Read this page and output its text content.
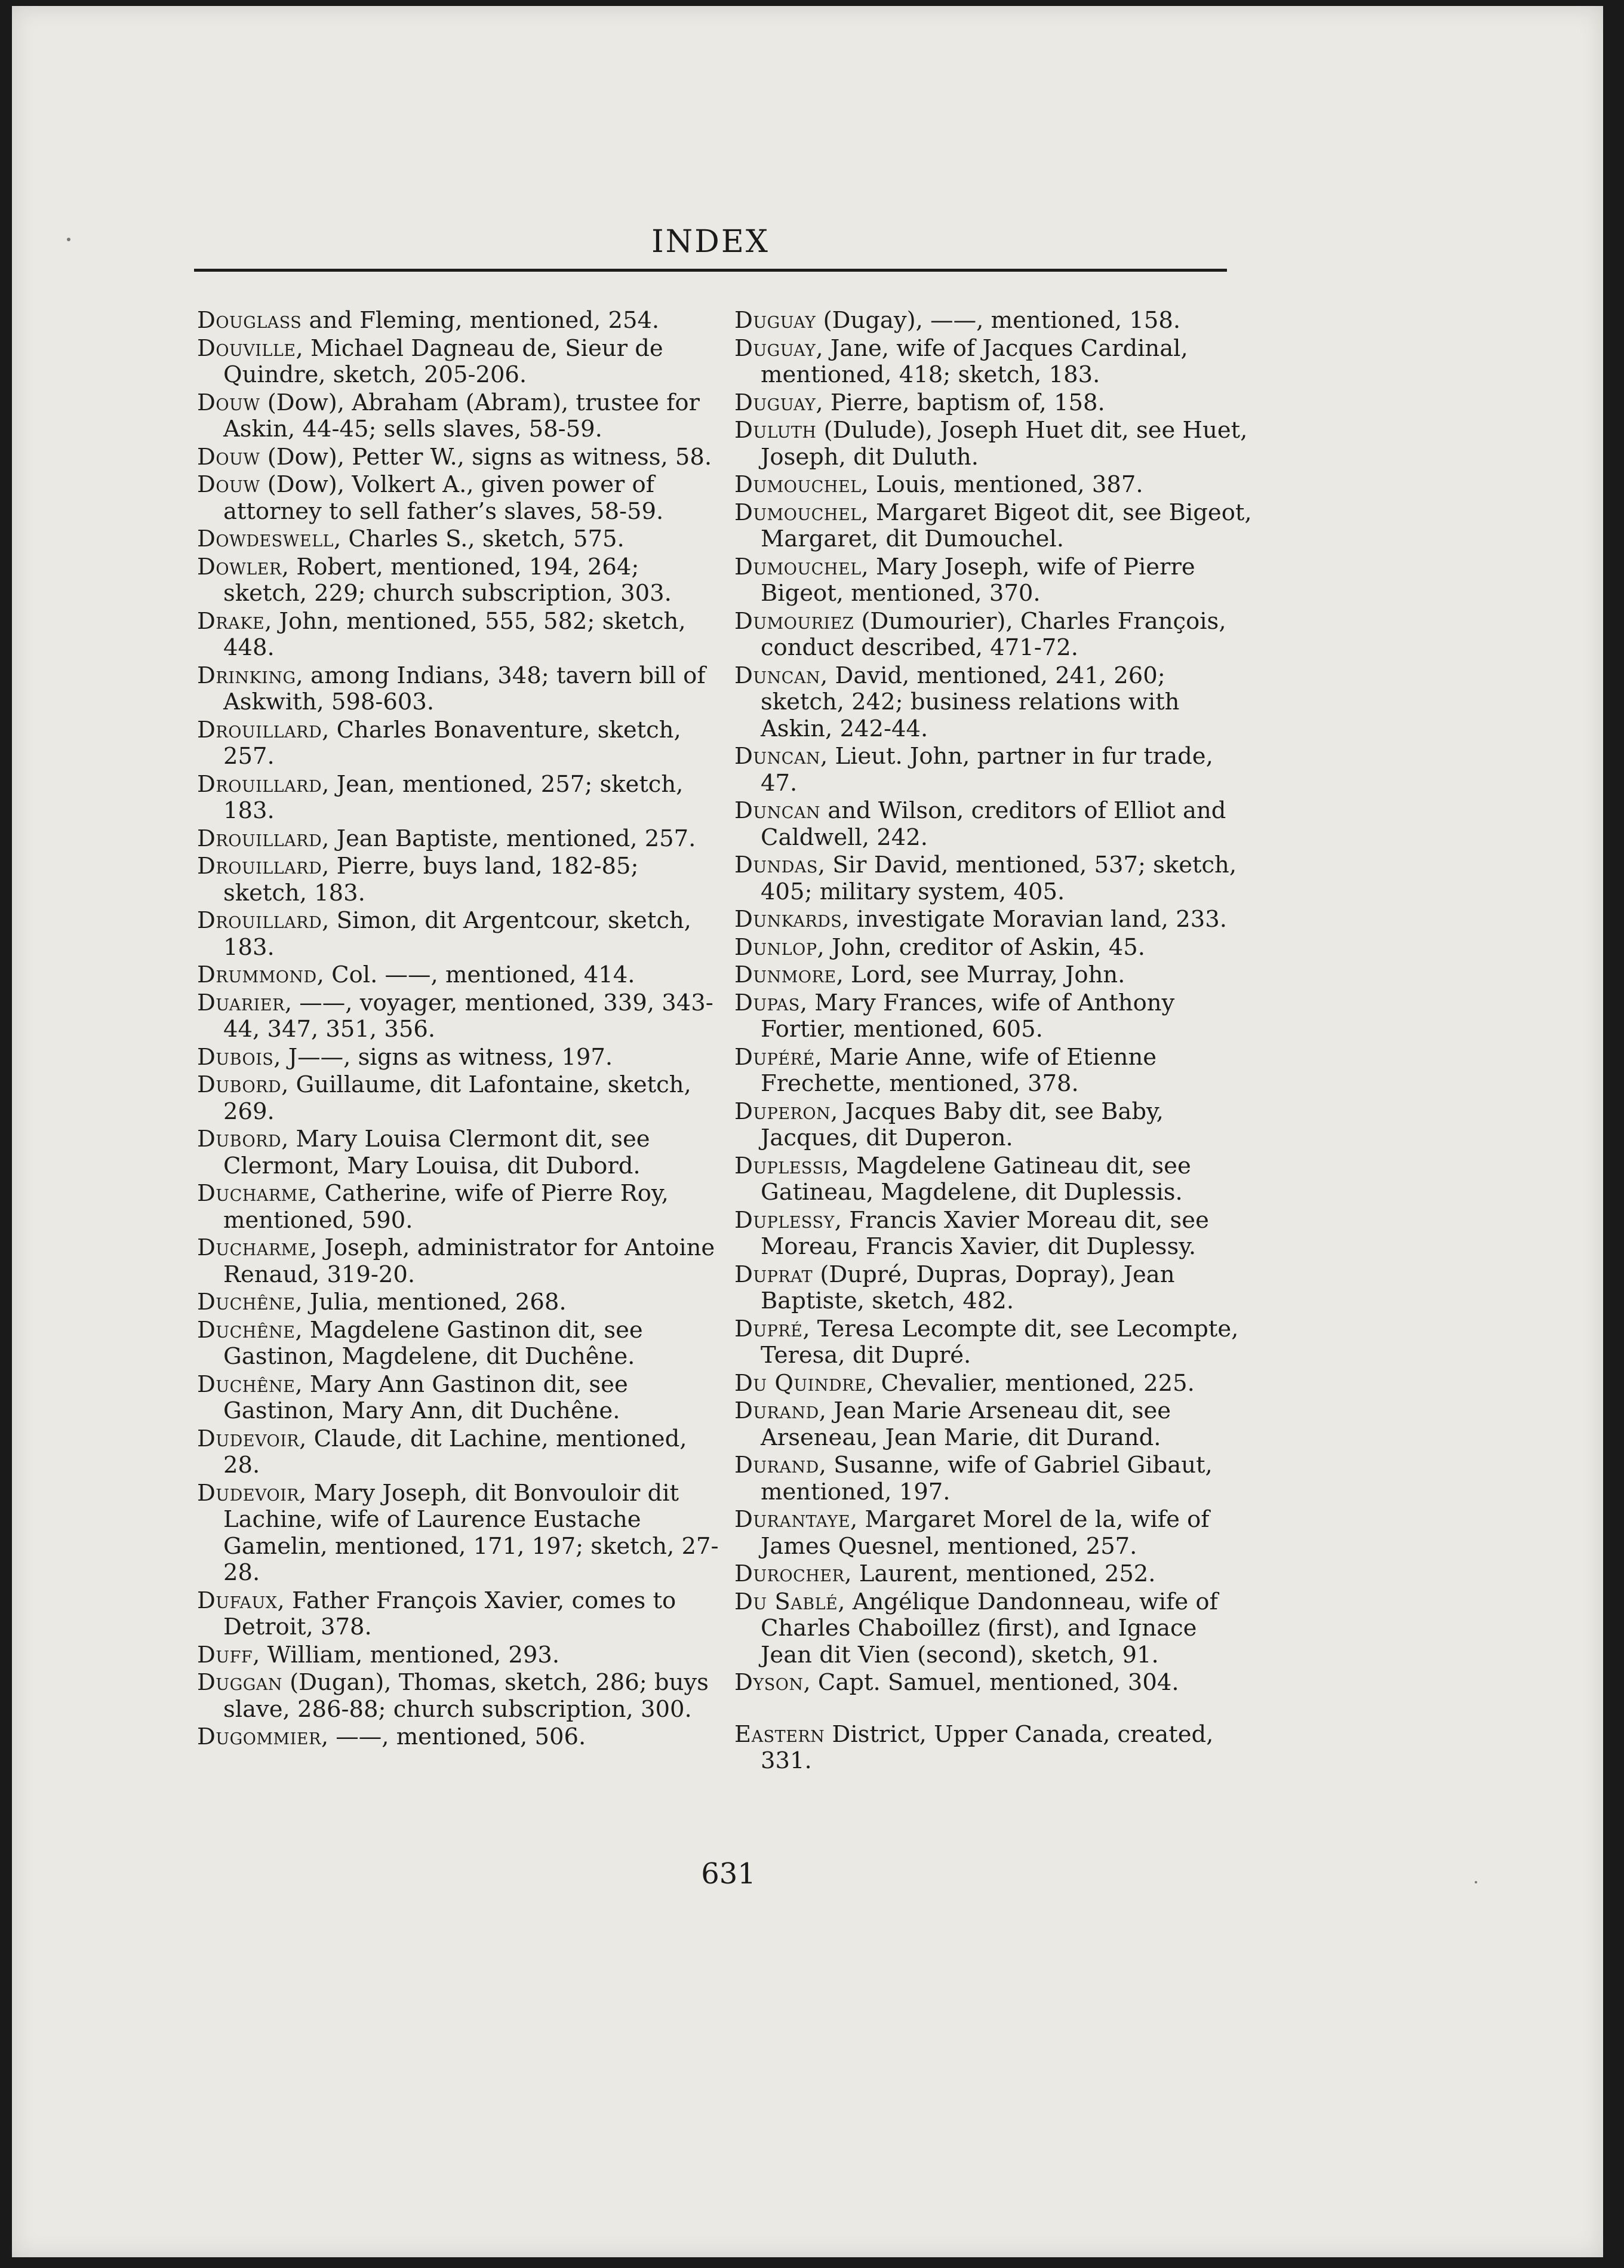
INDEX

Douglass and Fleming, mentioned, 254.

Douville, Michael Dagneau de, Sieur de Quindre, sketch, 205-206.

Douw (Dow), Abraham (Abram), trustee for Askin, 44-45; sells slaves, 58-59.

Douw (Dow), Petter W., signs as witness, 58.

Douw (Dow), Volkert A., given power of attorney to sell father’s slaves, 58-59.

Dowdeswell, Charles S., sketch, 575.

Dowler, Robert, mentioned, 194, 264; sketch, 229; church subscription, 303.

Drake, John, mentioned, 555, 582; sketch, 448.

Drinking, among Indians, 348; tavern bill of Askwith, 598-603.

Drouillard, Charles Bonaventure, sketch, 257.

Drouillard, Jean, mentioned, 257; sketch, 183.

Drouillard, Jean Baptiste, mentioned, 257.

Drouillard, Pierre, buys land, 182-85; sketch, 183.

Drouillard, Simon, dit Argentcour, sketch, 183.

Drummond, Col. ——, mentioned, 414.

Duarier, ——, voyager, mentioned, 339, 343-44, 347, 351, 356.

Dubois, J——, signs as witness, 197.

Dubord, Guillaume, dit Lafontaine, sketch, 269.

Dubord, Mary Louisa Clermont dit, see Clermont, Mary Louisa, dit Dubord.

Ducharme, Catherine, wife of Pierre Roy, mentioned, 590.

Ducharme, Joseph, administrator for Antoine Renaud, 319-20.

Duchêne, Julia, mentioned, 268.

Duchêne, Magdelene Gastinon dit, see Gastinon, Magdelene, dit Duchêne.

Duchêne, Mary Ann Gastinon dit, see Gastinon, Mary Ann, dit Duchêne.

Dudevoir, Claude, dit Lachine, mentioned, 28.

Dudevoir, Mary Joseph, dit Bonvouloir dit Lachine, wife of Laurence Eustache Gamelin, mentioned, 171, 197; sketch, 27-28.

Dufaux, Father François Xavier, comes to Detroit, 378.

Duff, William, mentioned, 293.

Duggan (Dugan), Thomas, sketch, 286; buys slave, 286-88; church subscription, 300.

Dugommier, ——, mentioned, 506.

Duguay (Dugay), ——, mentioned, 158.

Duguay, Jane, wife of Jacques Cardinal, mentioned, 418; sketch, 183.

Duguay, Pierre, baptism of, 158.

Duluth (Dulude), Joseph Huet dit, see Huet, Joseph, dit Duluth.

Dumouchel, Louis, mentioned, 387.

Dumouchel, Margaret Bigeot dit, see Bigeot, Margaret, dit Dumouchel.

Dumouchel, Mary Joseph, wife of Pierre Bigeot, mentioned, 370.

Dumouriez (Dumourier), Charles François, conduct described, 471-72.

Duncan, David, mentioned, 241, 260; sketch, 242; business relations with Askin, 242-44.

Duncan, Lieut. John, partner in fur trade, 47.

Duncan and Wilson, creditors of Elliot and Caldwell, 242.

Dundas, Sir David, mentioned, 537; sketch, 405; military system, 405.

Dunkards, investigate Moravian land, 233.

Dunlop, John, creditor of Askin, 45.

Dunmore, Lord, see Murray, John.

Dupas, Mary Frances, wife of Anthony Fortier, mentioned, 605.

Dupéré, Marie Anne, wife of Etienne Frechette, mentioned, 378.

Duperon, Jacques Baby dit, see Baby, Jacques, dit Duperon.

Duplessis, Magdelene Gatineau dit, see Gatineau, Magdelene, dit Duplessis.

Duplessy, Francis Xavier Moreau dit, see Moreau, Francis Xavier, dit Duplessy.

Duprat (Dupré, Dupras, Dopray), Jean Baptiste, sketch, 482.

Dupré, Teresa Lecompte dit, see Lecompte, Teresa, dit Dupré.

Du Quindre, Chevalier, mentioned, 225.

Durand, Jean Marie Arseneau dit, see Arseneau, Jean Marie, dit Durand.

Durand, Susanne, wife of Gabriel Gibaut, mentioned, 197.

Durantaye, Margaret Morel de la, wife of James Quesnel, mentioned, 257.

Durocher, Laurent, mentioned, 252.

Du Sablé, Angélique Dandonneau, wife of Charles Chaboillez (first), and Ignace Jean dit Vien (second), sketch, 91.

Dyson, Capt. Samuel, mentioned, 304.

Eastern District, Upper Canada, created, 331.

631
